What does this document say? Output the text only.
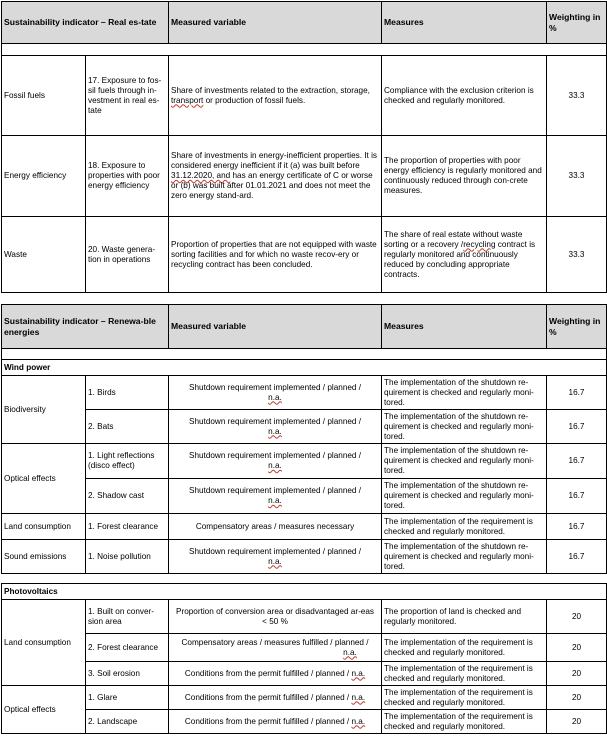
Sustainability indicator – Real es-tate		Measured variable	Measures	Weighting in %

Fossil fuels	17. Exposure to fos-sil fuels through in-vestment in real es-tate	Share of investments related to the extraction, storage,
transport or production of fossil fuels.	Compliance with the exclusion criterion is checked and regularly monitored.	33.3
Energy efficiency	18. Exposure to properties with poor energy efficiency	Share of investments in energy-inefficient properties. It is considered energy inefficient if it (a) was built before 31.12.2020, and has an energy certificate of C or worse or (b) was built after 01.01.2021 and does not meet the zero energy stand-ard.	The proportion of properties with poor energy efficiency is regularly monitored and continuously reduced through con-crete measures.	33.3
Waste	20. Waste genera-tion in operations	Proportion of properties that are not equipped with waste sorting facilities and for which no waste recov-ery or recycling contract has been concluded.	The share of real estate without waste sorting or a recovery /recycling contract is regularly monitored and continuously reduced by concluding appropriate contracts.	33.3
Sustainability indicator – Renewa-ble energies		Measured variable	Measures	Weighting in %

Wind power				
Biodiversity	1. Birds	Shutdown requirement implemented / planned /
n.a.	The implementation of the shutdown re-quirement is checked and regularly moni-tored.	16.7
	2. Bats	Shutdown requirement implemented / planned /
n.a.	The implementation of the shutdown re-quirement is checked and regularly moni-tored.	16.7
Optical effects	1. Light reflections (disco effect)	Shutdown requirement implemented / planned /
n.a.	The implementation of the shutdown re-quirement is checked and regularly moni-tored.	16.7
	2. Shadow cast	Shutdown requirement implemented / planned /
n.a.	The implementation of the shutdown re-quirement is checked and regularly moni-tored.	16.7
Land consumption	1. Forest clearance	Compensatory areas / measures necessary	The implementation of the requirement is checked and regularly monitored.	16.7
Sound emissions	1. Noise pollution	Shutdown requirement implemented / planned /
n.a.	The implementation of the shutdown re-quirement is checked and regularly moni-tored.	16.7

Photovoltaics				
Land consumption	1. Built on conver-sion area	Proportion of conversion area or disadvantaged ar-eas
< 50 %	The proportion of land is checked and regularly monitored.	20
	2. Forest clearance	Compensatory areas / measures fulfilled / planned /
n.a.	The implementation of the requirement is checked and regularly monitored.	20
	3. Soil erosion	Conditions from the permit fulfilled / planned / n.a.	The implementation of the requirement is checked and regularly monitored.	20
Optical effects	1. Glare	Conditions from the permit fulfilled / planned / n.a.	The implementation of the requirement is checked and regularly monitored.	20
	2. Landscape	Conditions from the permit fulfilled / planned / n.a.	The implementation of the requirement is checked and regularly monitored.	20
